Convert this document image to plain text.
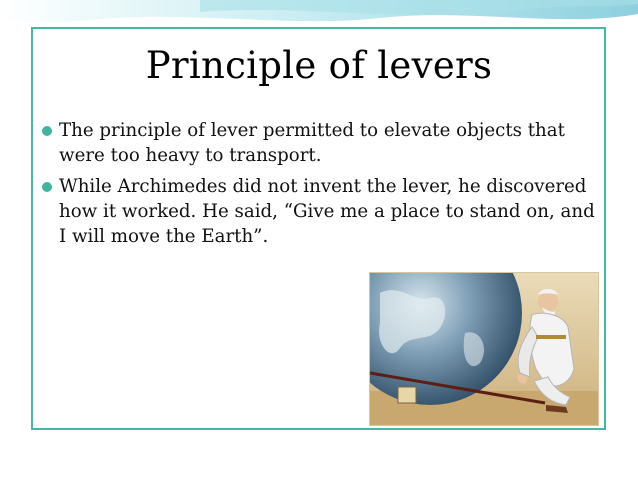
Principle of levers
The principle of lever permitted to elevate objects that were too heavy to transport.
While Archimedes did not invent the lever, he discovered how it worked. He said, “Give me a place to stand on, and I will move the Earth”.
